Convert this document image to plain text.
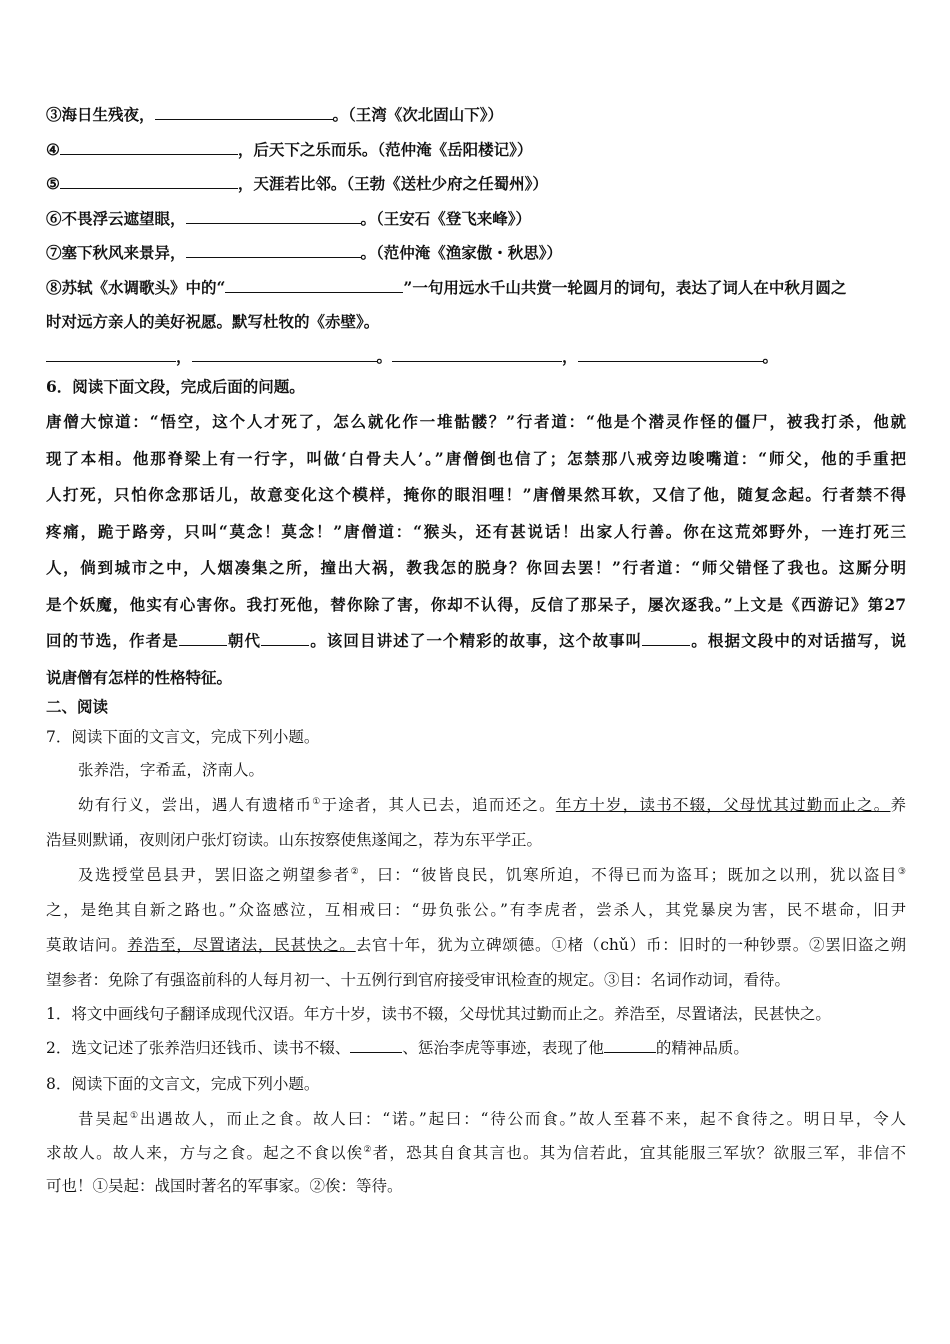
③海日生残夜，	。（王湾《次北固山下》）
④	，后天下之乐而乐。（范仲淹《岳阳楼记》）
⑤	，天涯若比邻。（王勃《送杜少府之任蜀州》）
⑥不畏浮云遮望眼，	。（王安石《登飞来峰》）
⑦塞下秋风来景异，	。（范仲淹《渔家傲・秋思》）
⑧苏轼《水调歌头》中的“	”一句用远水千山共赏一轮圆月的词句，表达了词人在中秋月圆之
时对远方亲人的美好祝愿。默写杜牧的《赤壁》。
，	。	，	。
6．阅读下面文段，完成后面的问题。
唐僧大惊道：“悟空，这个人才死了，怎么就化作一堆骷髅？”行者道：“他是个潜灵作怪的僵尸，被我打杀，他就
现了本相。他那脊梁上有一行字，叫做‘白骨夫人’。”唐僧倒也信了；怎禁那八戒旁边唆嘴道：“师父，他的手重把
人打死，只怕你念那话儿，故意变化这个模样，掩你的眼泪哩！”唐僧果然耳软，又信了他，随复念起。行者禁不得
疼痛，跪于路旁，只叫“莫念！莫念！”唐僧道：“猴头，还有甚说话！出家人行善。你在这荒郊野外，一连打死三
人，倘到城市之中，人烟凑集之所，撞出大祸，教我怎的脱身？你回去罢！”行者道：“师父错怪了我也。这厮分明
是个妖魔，他实有心害你。我打死他，替你除了害，你却不认得，反信了那呆子，屡次逐我。”上文是《西游记》第27
回的节选，作者是	朝代	。该回目讲述了一个精彩的故事，这个故事叫	。根据文段中的对话描写，说
说唐僧有怎样的性格特征。
二、阅读
7．阅读下面的文言文，完成下列小题。
张养浩，字希孟，济南人。
幼有行义，尝出，遇人有遗楮币①于途者，其人已去，追而还之。年方十岁，读书不辍，父母忧其过勤而止之。养
浩昼则默诵，夜则闭户张灯窃读。山东按察使焦遂闻之，荐为东平学正。
及选授堂邑县尹，罢旧盗之朔望参者②，曰：“彼皆良民，饥寒所迫，不得已而为盗耳；既加之以刑，犹以盗目③
之，是绝其自新之路也。”众盗感泣，互相戒曰：“毋负张公。”有李虎者，尝杀人，其党暴戾为害，民不堪命，旧尹
莫敢诘问。养浩至，尽置诸法，民甚快之。去官十年，犹为立碑颂德。①楮（chǔ）币：旧时的一种钞票。②罢旧盗之朔
望参者：免除了有强盗前科的人每月初一、十五例行到官府接受审讯检查的规定。③目：名词作动词，看待。
1．将文中画线句子翻译成现代汉语。年方十岁，读书不辍，父母忧其过勤而止之。养浩至，尽置诸法，民甚快之。
2．选文记述了张养浩归还钱币、读书不辍、	、惩治李虎等事迹，表现了他	的精神品质。
8．阅读下面的文言文，完成下列小题。
昔吴起①出遇故人，而止之食。故人曰：“诺。”起曰：“待公而食。”故人至暮不来，起不食待之。明日早，令人
求故人。故人来，方与之食。起之不食以俟②者，恐其自食其言也。其为信若此，宜其能服三军欤？欲服三军，非信不
可也！①吴起：战国时著名的军事家。②俟：等待。
